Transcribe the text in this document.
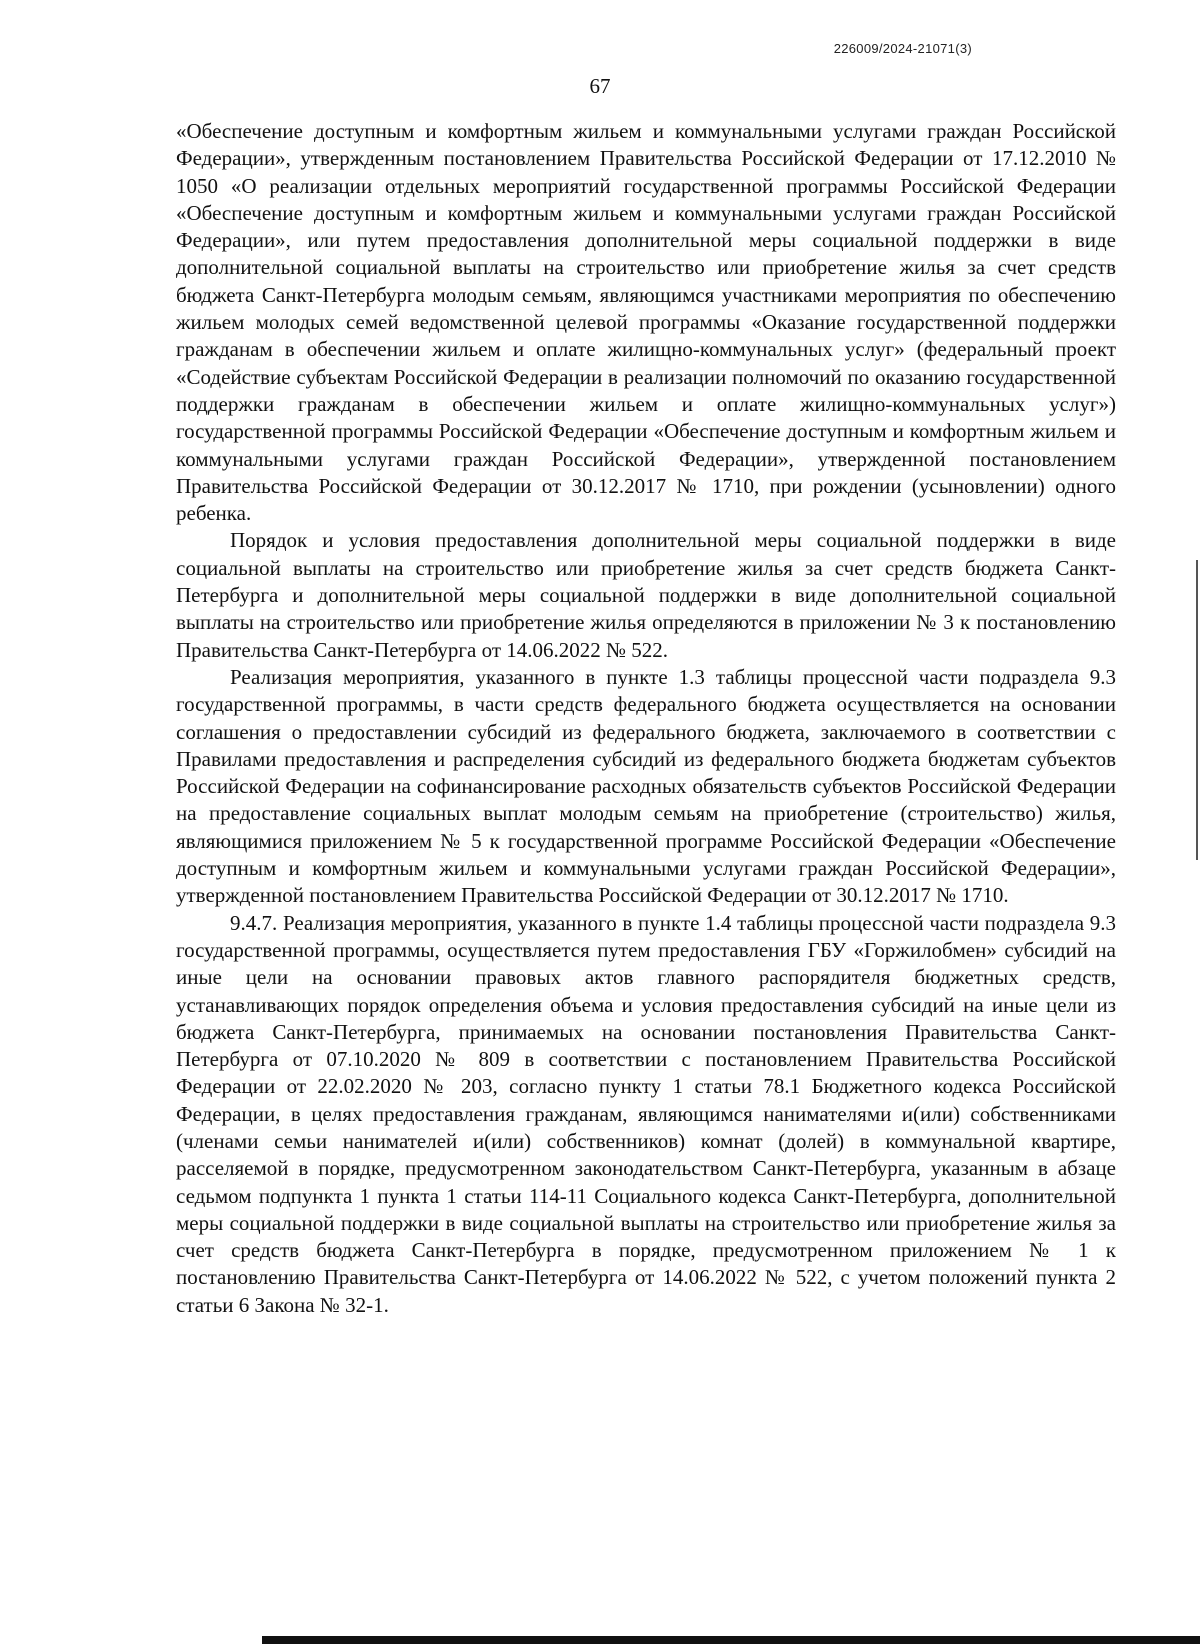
226009/2024-21071(3)
67

«Обеспечение доступным и комфортным жильем и коммунальными услугами граждан Российской Федерации», утвержденным постановлением Правительства Российской Федерации от 17.12.2010 № 1050 «О реализации отдельных мероприятий государственной программы Российской Федерации «Обеспечение доступным и комфортным жильем и коммунальными услугами граждан Российской Федерации», или путем предоставления дополнительной меры социальной поддержки в виде дополнительной социальной выплаты на строительство или приобретение жилья за счет средств бюджета Санкт-Петербурга молодым семьям, являющимся участниками мероприятия по обеспечению жильем молодых семей ведомственной целевой программы «Оказание государственной поддержки гражданам в обеспечении жильем и оплате жилищно-коммунальных услуг» (федеральный проект «Содействие субъектам Российской Федерации в реализации полномочий по оказанию государственной поддержки гражданам в обеспечении жильем и оплате жилищно-коммунальных услуг») государственной программы Российской Федерации «Обеспечение доступным и комфортным жильем и коммунальными услугами граждан Российской Федерации», утвержденной постановлением Правительства Российской Федерации от 30.12.2017 № 1710, при рождении (усыновлении) одного ребенка.

Порядок и условия предоставления дополнительной меры социальной поддержки в виде социальной выплаты на строительство или приобретение жилья за счет средств бюджета Санкт-Петербурга и дополнительной меры социальной поддержки в виде дополнительной социальной выплаты на строительство или приобретение жилья определяются в приложении № 3 к постановлению Правительства Санкт-Петербурга от 14.06.2022 № 522.

Реализация мероприятия, указанного в пункте 1.3 таблицы процессной части подраздела 9.3 государственной программы, в части средств федерального бюджета осуществляется на основании соглашения о предоставлении субсидий из федерального бюджета, заключаемого в соответствии с Правилами предоставления и распределения субсидий из федерального бюджета бюджетам субъектов Российской Федерации на софинансирование расходных обязательств субъектов Российской Федерации на предоставление социальных выплат молодым семьям на приобретение (строительство) жилья, являющимися приложением № 5 к государственной программе Российской Федерации «Обеспечение доступным и комфортным жильем и коммунальными услугами граждан Российской Федерации», утвержденной постановлением Правительства Российской Федерации от 30.12.2017 № 1710.

9.4.7. Реализация мероприятия, указанного в пункте 1.4 таблицы процессной части подраздела 9.3 государственной программы, осуществляется путем предоставления ГБУ «Горжилобмен» субсидий на иные цели на основании правовых актов главного распорядителя бюджетных средств, устанавливающих порядок определения объема и условия предоставления субсидий на иные цели из бюджета Санкт-Петербурга, принимаемых на основании постановления Правительства Санкт-Петербурга от 07.10.2020 № 809 в соответствии с постановлением Правительства Российской Федерации от 22.02.2020 № 203, согласно пункту 1 статьи 78.1 Бюджетного кодекса Российской Федерации, в целях предоставления гражданам, являющимся нанимателями и(или) собственниками (членами семьи нанимателей и(или) собственников) комнат (долей) в коммунальной квартире, расселяемой в порядке, предусмотренном законодательством Санкт-Петербурга, указанным в абзаце седьмом подпункта 1 пункта 1 статьи 114-11 Социального кодекса Санкт-Петербурга, дополнительной меры социальной поддержки в виде социальной выплаты на строительство или приобретение жилья за счет средств бюджета Санкт-Петербурга в порядке, предусмотренном приложением № 1 к постановлению Правительства Санкт-Петербурга от 14.06.2022 № 522, с учетом положений пункта 2 статьи 6 Закона № 32-1.
